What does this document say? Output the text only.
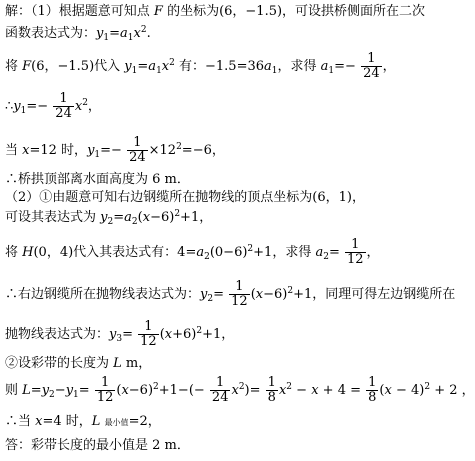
解：（1）根据题意可知点 F 的坐标为(6，−1.5)，可设拱桥侧面所在二次
函数表达式为：$y_1=a_1x^2$.
将 F(6，−1.5)代入 $y_1=a_1x^2$ 有：$-1.5=36a_1$，求得 $a_1=- \frac{1}{24}$ ，
$\therefore y_1=- \frac{1}{24} x^2$，
当 x=12 时，$y_1=- \frac{1}{24} \times 12^2=-6$，
∴桥拱顶部离水面高度为 6 m．
（2）①由题意可知右边钢缆所在抛物线的顶点坐标为(6，1)，
可设其表达式为 $y_2=a_2(x-6)^2+1$，
将 H(0，4)代入其表达式有：$4=a_2(0-6)^2+1$，求得 $a_2= \frac{1}{12}$ ，
∴右边钢缆所在抛物线表达式为：$y_2= \frac{1}{12} (x-6)^2+1$，同理可得左边钢缆所在
抛物线表达式为：$y_3= \frac{1}{12} (x+6)^2+1$，
②设彩带的长度为 L m，
则 $L=y_2-y_1= \frac{1}{12} (x-6)^2+1-(- \frac{1}{24} x^2)= \frac{1}{8} x^2 - x + 4 = \frac{1}{8} (x - 4)^2 + 2$ ，
∴当 x=4 时，L 最小值=2，
答：彩带长度的最小值是 2 m．
